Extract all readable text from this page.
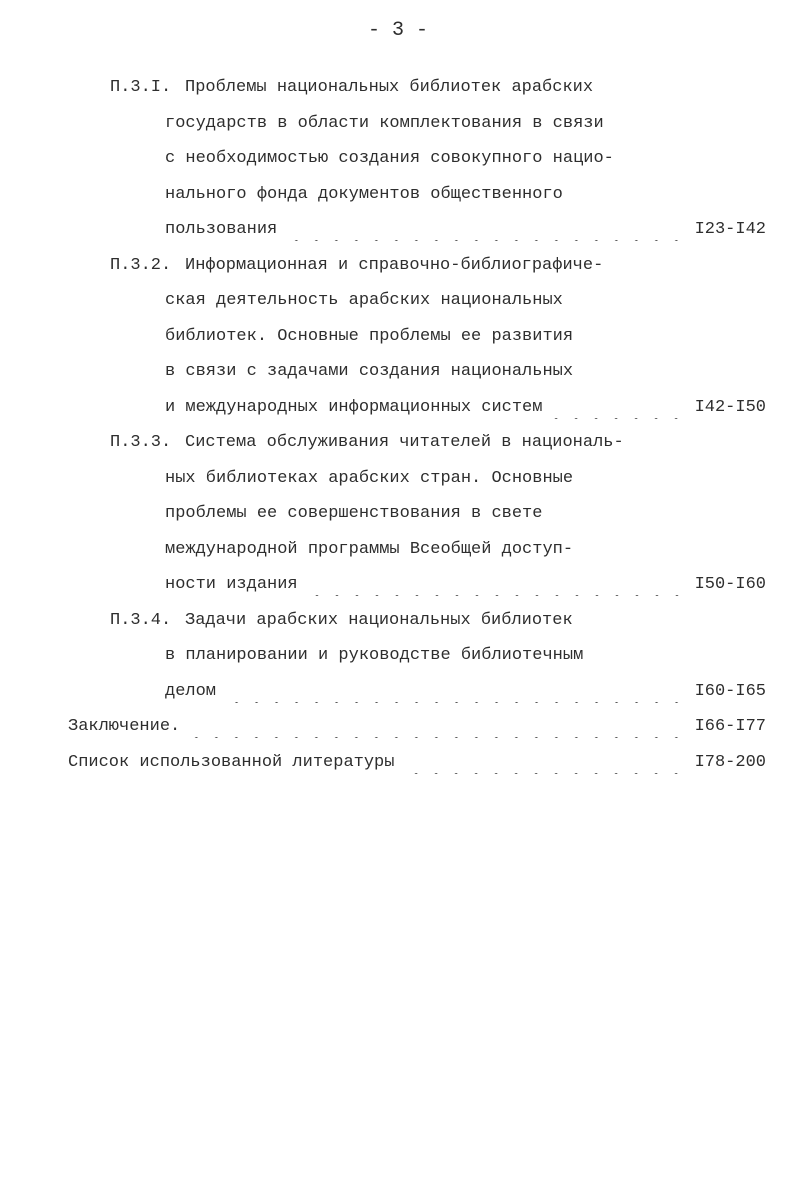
- 3 -
П.3.I. Проблемы национальных библиотек арабских
государств в области комплектования в связи
с необходимостью создания совокупного нацио-
нального фонда документов общественного
пользования	I23-I42
П.3.2. Информационная и справочно-библиографиче-
ская деятельность арабских национальных
библиотек. Основные проблемы ее развития
в связи с задачами создания национальных
и международных информационных систем	I42-I50
П.3.3. Система обслуживания читателей в националь-
ных библиотеках арабских стран. Основные
проблемы ее совершенствования в свете
международной программы Всеобщей доступ-
ности издания	I50-I60
П.3.4. Задачи арабских национальных библиотек
в планировании и руководстве библиотечным
делом	I60-I65
Заключение.	I66-I77
Список использованной литературы	I78-200
